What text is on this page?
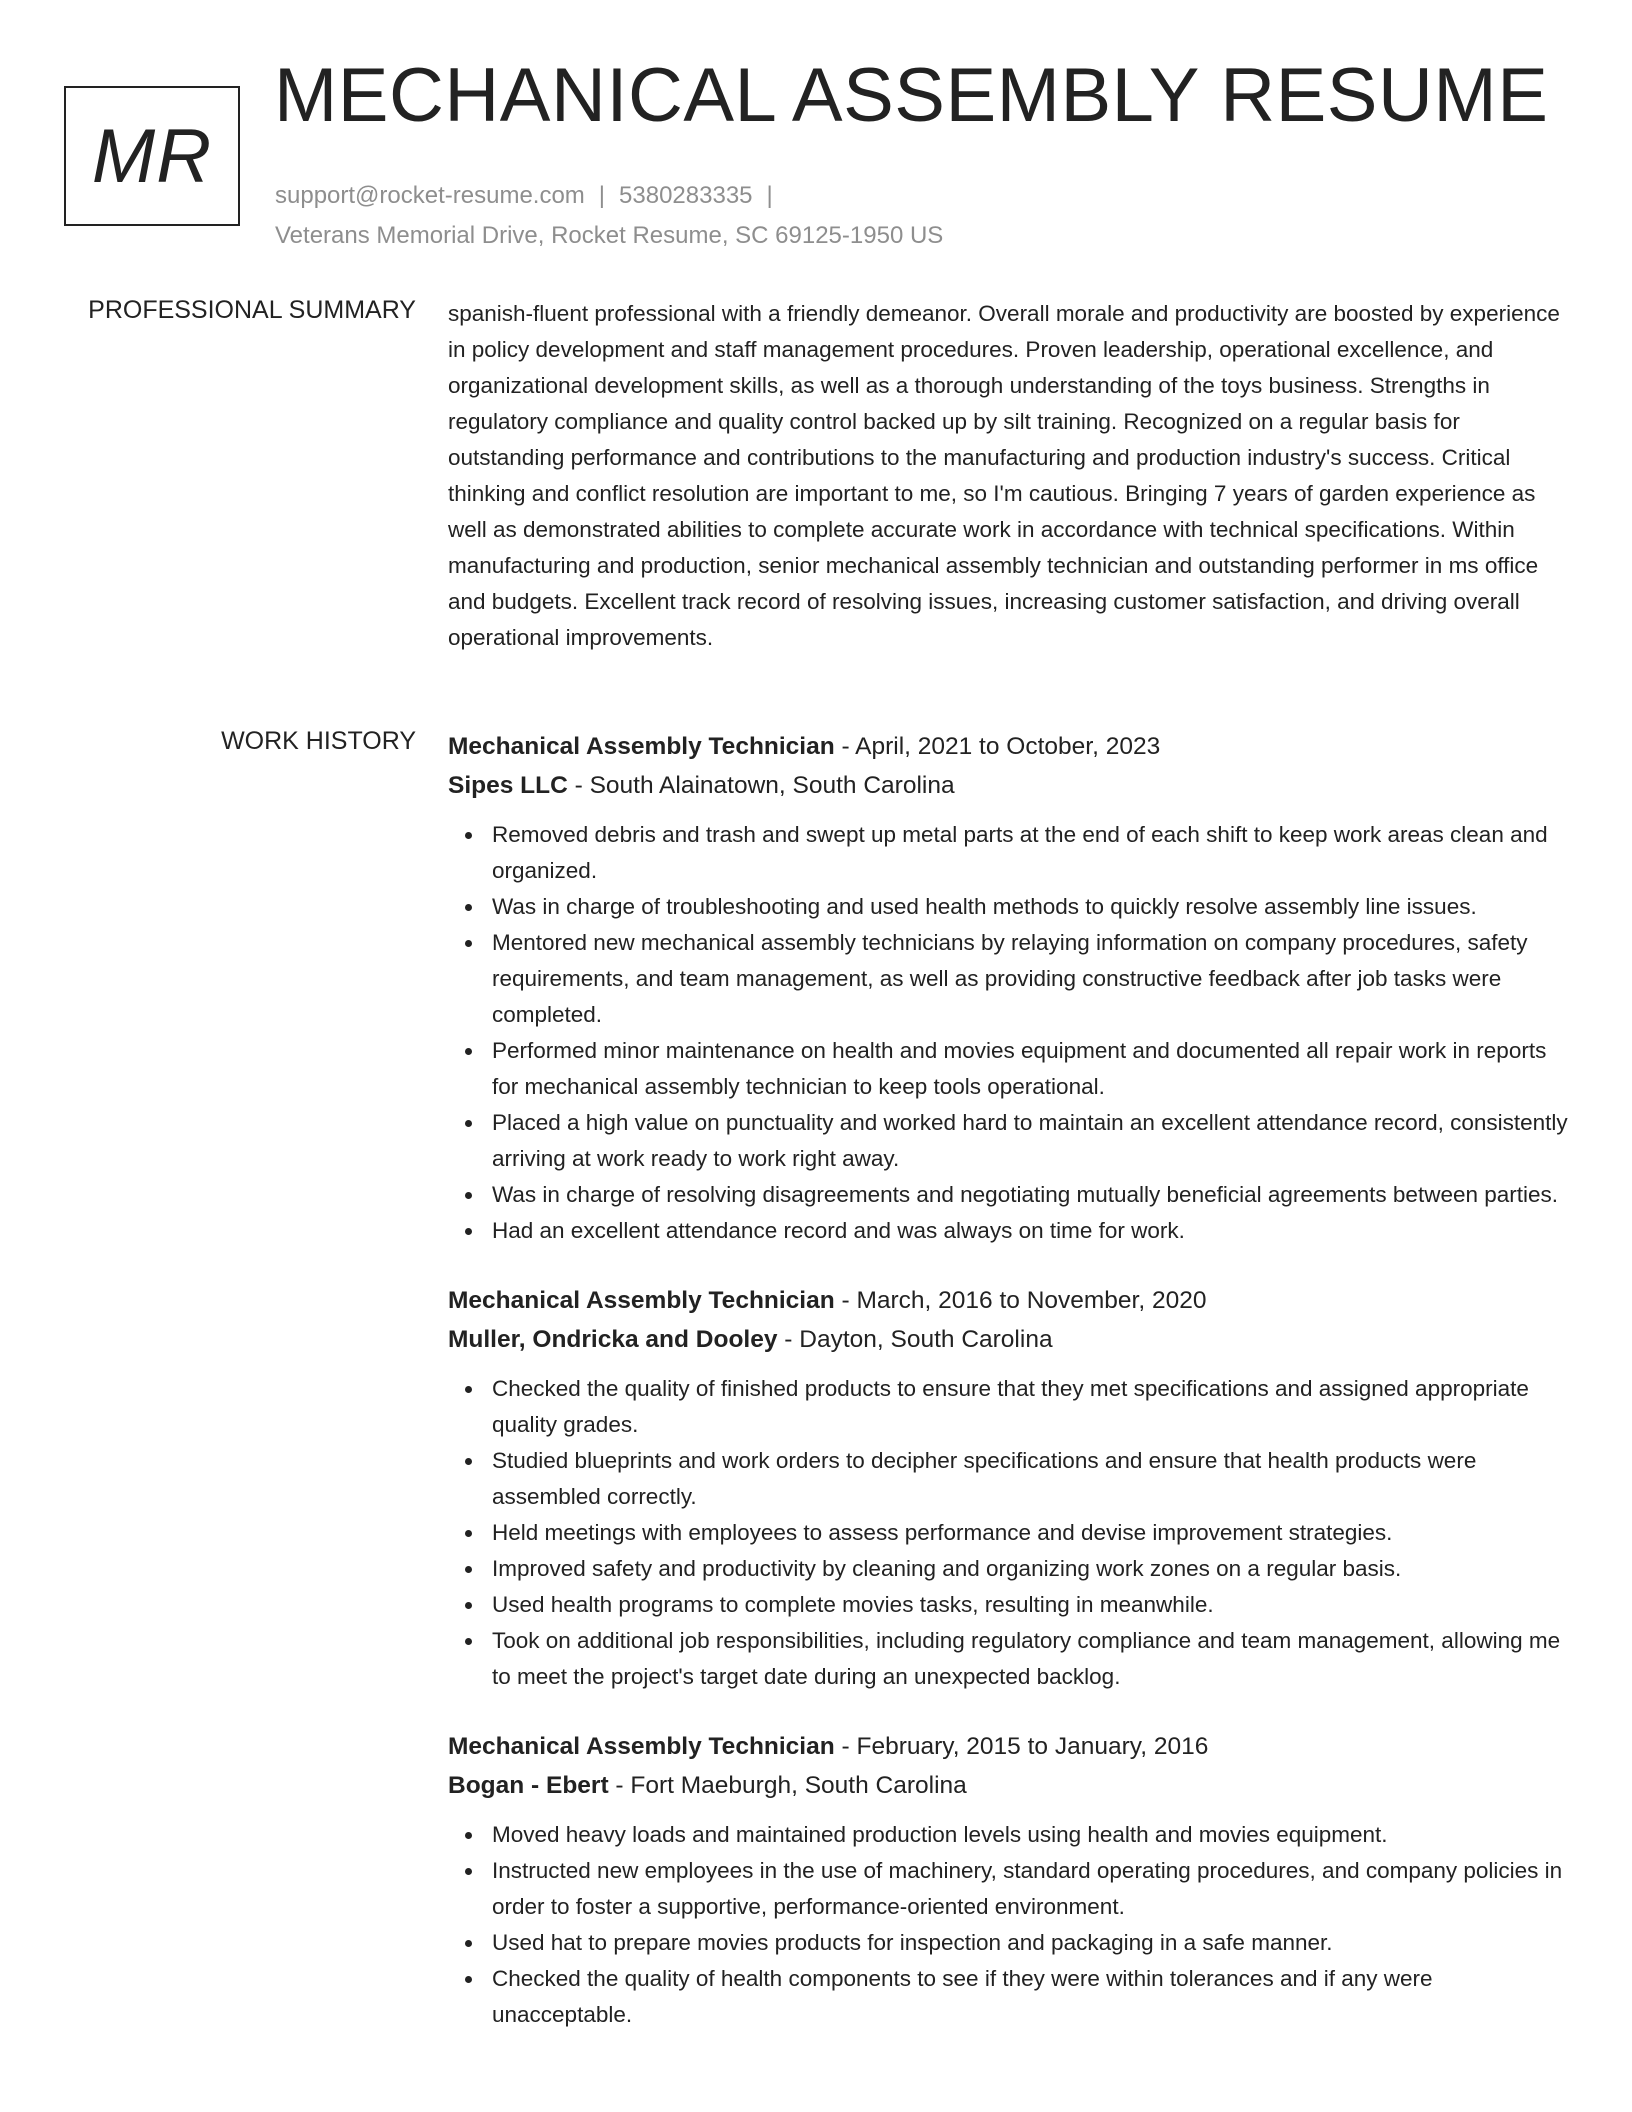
MR
MECHANICAL ASSEMBLY RESUME
support@rocket-resume.com | 5380283335 |
Veterans Memorial Drive, Rocket Resume, SC 69125-1950 US
PROFESSIONAL SUMMARY spanish-fluent professional with a friendly demeanor. Overall morale and productivity are boosted by experience in policy development and staff management procedures. Proven leadership, operational excellence, and organizational development skills, as well as a thorough understanding of the toys business. Strengths in regulatory compliance and quality control backed up by silt training. Recognized on a regular basis for outstanding performance and contributions to the manufacturing and production industry's success. Critical thinking and conflict resolution are important to me, so I'm cautious. Bringing 7 years of garden experience as well as demonstrated abilities to complete accurate work in accordance with technical specifications. Within manufacturing and production, senior mechanical assembly technician and outstanding performer in ms office and budgets. Excellent track record of resolving issues, increasing customer satisfaction, and driving overall operational improvements.

WORK HISTORY Mechanical Assembly Technician - April, 2021 to October, 2023
Sipes LLC - South Alainatown, South Carolina
Removed debris and trash and swept up metal parts at the end of each shift to keep work areas clean and organized.
Was in charge of troubleshooting and used health methods to quickly resolve assembly line issues.
Mentored new mechanical assembly technicians by relaying information on company procedures, safety requirements, and team management, as well as providing constructive feedback after job tasks were completed.
Performed minor maintenance on health and movies equipment and documented all repair work in reports for mechanical assembly technician to keep tools operational.
Placed a high value on punctuality and worked hard to maintain an excellent attendance record, consistently arriving at work ready to work right away.
Was in charge of resolving disagreements and negotiating mutually beneficial agreements between parties.
Had an excellent attendance record and was always on time for work.
Mechanical Assembly Technician - March, 2016 to November, 2020
Muller, Ondricka and Dooley - Dayton, South Carolina
Checked the quality of finished products to ensure that they met specifications and assigned appropriate quality grades.
Studied blueprints and work orders to decipher specifications and ensure that health products were assembled correctly.
Held meetings with employees to assess performance and devise improvement strategies.
Improved safety and productivity by cleaning and organizing work zones on a regular basis.
Used health programs to complete movies tasks, resulting in meanwhile.
Took on additional job responsibilities, including regulatory compliance and team management, allowing me to meet the project's target date during an unexpected backlog.
Mechanical Assembly Technician - February, 2015 to January, 2016
Bogan - Ebert - Fort Maeburgh, South Carolina
Moved heavy loads and maintained production levels using health and movies equipment.
Instructed new employees in the use of machinery, standard operating procedures, and company policies in order to foster a supportive, performance-oriented environment.
Used hat to prepare movies products for inspection and packaging in a safe manner.
Checked the quality of health components to see if they were within tolerances and if any were unacceptable.
